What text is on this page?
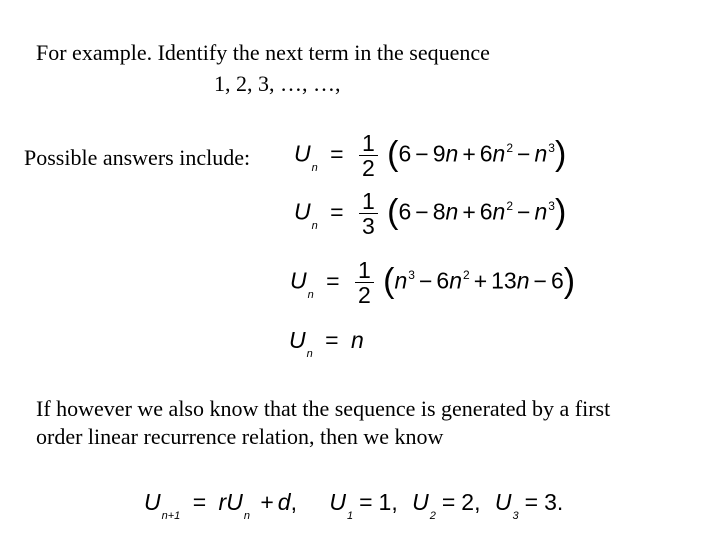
For example. Identify the next term in the sequence
1, 2, 3, …, …,
Possible answers include: $U_n = \frac{1}{2} (6 - 9n + 6n^2 - n^3)$
$U_n = \frac{1}{3} (6 - 8n + 6n^2 - n^3)$
$U_n = \frac{1}{2} (n^3 - 6n^2 + 13n - 6)$
$U_n = n$
If however we also know that the sequence is generated by a first
order linear recurrence relation, then we know
$U_{n+1} = rU_n + d$, $U_1= 1$, $U_2= 2$, $U_3= 3$.
